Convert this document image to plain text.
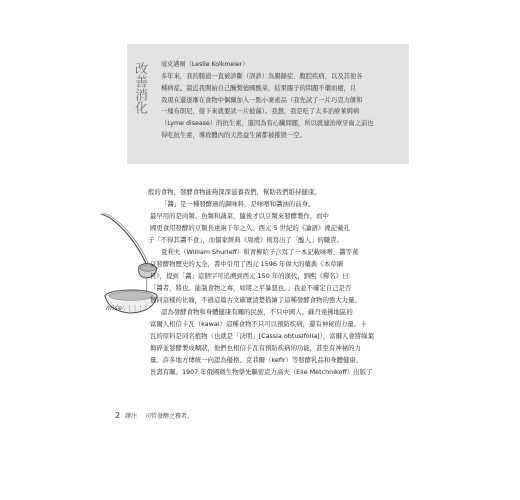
改善消化 寇克邁爾（Leslie Kolkmeier）
多年來，我的腸道一直被診斷（誤診）為腸躁症、腹腔疾病，以及其他各
種病症。最近我開始自己醃製德國酸菜，結果腸子的問題不藥而癒，且
我現在還逐漸在食物中偶爾加入一點小麥產品（我先試了一片巧克力餅和
一塊布朗尼，接下來就要試一片披薩）。我想，我是吃了太多治療萊姆病
（Lyme disease）的抗生素，還因為有心臟問題，所以就連治療牙齒之前也
得吃抗生素，導致體內的天然益生菌都被摧毀一空。
miso
般的食物，發酵食物能夠深深滋養我們，幫助我們維持健康。
「醬」是一種發酵過的調味料，是味噌和醬油的前身。
最早用的是肉類、魚類和蔬菜，隨後才以豆類來發酵製作，而中
國更食用發酵的豆類長達兩千年之久。西元 5 世紀的《論語》裡記載孔
子「不得其醬不食」，而儒家經典《周禮》則寫出了「醢人」的職責。
夏利夫（William Shurleff）和青柳昭子合寫了一本記載味噌、醬等黃
豆發酵物歷史的大全，書中引用了西元 1596 年偉大的藥典《本草綱
目》，提到「醬」這個字可追溯到西元 150 年的漢代，劉熙《釋名》曰：
「醬者，將也。能制食物之毒，如將之平暴惡也。」我並不確定自己是否
贊同這樣的比喻，不過這篇古文確實清楚描繪了這種發酵食物的強大力量。
認為發酵食物和身體健康有關的民族，不只中國人。蘇丹達佛地區的
富爾人相信卡瓦（kawal）這種食物不只可以預防疾病，還有神秘的力量。卡
瓦的原料是同名植物（也就是「決明」[Cassia obtusifolia]），富爾人會將綠葉
搗碎並發酵製成糊狀，他們也相信卡瓦有預防疾病的功能，甚至有神秘的力
量。許多地方傳統一向認為優格、克菲爾（kefir）等發酵乳品和身體健康、
長壽有關。1907 年俄國微生物學先驅密克力高夫（Elie Metchnikoff）出版了
2 譯注 司管發酵之務者。
